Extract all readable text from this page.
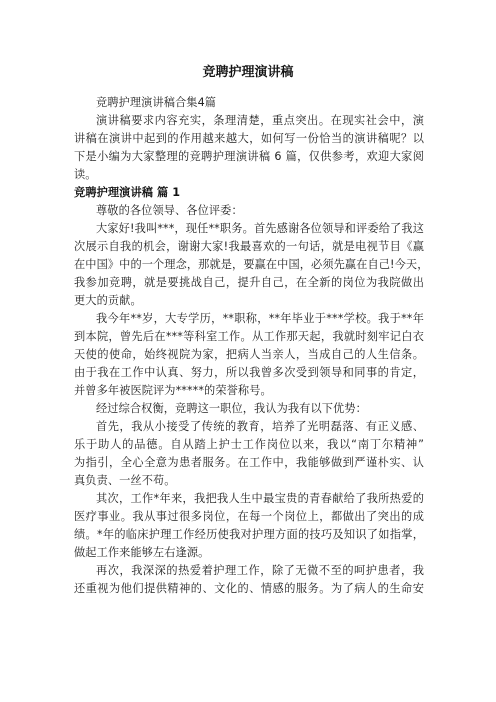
竞聘护理演讲稿
竞聘护理演讲稿合集4篇
演讲稿要求内容充实，条理清楚，重点突出。在现实社会中，演
讲稿在演讲中起到的作用越来越大，如何写一份恰当的演讲稿呢？以
下是小编为大家整理的竞聘护理演讲稿 6 篇，仅供参考，欢迎大家阅
读。
竞聘护理演讲稿 篇 1
尊敬的各位领导、各位评委：
大家好!我叫***，现任**职务。首先感谢各位领导和评委给了我这
次展示自我的机会，谢谢大家!我最喜欢的一句话，就是电视节目《赢
在中国》中的一个理念，那就是，要赢在中国，必须先赢在自己!今天，
我参加竞聘，就是要挑战自己，提升自己，在全新的岗位为我院做出
更大的贡献。
我今年**岁，大专学历，**职称，**年毕业于***学校。我于**年
到本院，曾先后在***等科室工作。从工作那天起，我就时刻牢记白衣
天使的使命，始终视院为家，把病人当亲人，当成自己的人生信条。
由于我在工作中认真、努力，所以我曾多次受到领导和同事的肯定，
并曾多年被医院评为*****的荣誉称号。
经过综合权衡，竞聘这一职位，我认为我有以下优势：
首先，我从小接受了传统的教育，培养了光明磊落、有正义感、
乐于助人的品德。自从踏上护士工作岗位以来，我以“南丁尔精神”
为指引，全心全意为患者服务。在工作中，我能够做到严谨朴实、认
真负责、一丝不苟。
其次，工作*年来，我把我人生中最宝贵的青春献给了我所热爱的
医疗事业。我从事过很多岗位，在每一个岗位上，都做出了突出的成
绩。*年的临床护理工作经历使我对护理方面的技巧及知识了如指掌，
做起工作来能够左右逢源。
再次，我深深的热爱着护理工作，除了无微不至的呵护患者，我
还重视为他们提供精神的、文化的、情感的服务。为了病人的生命安
